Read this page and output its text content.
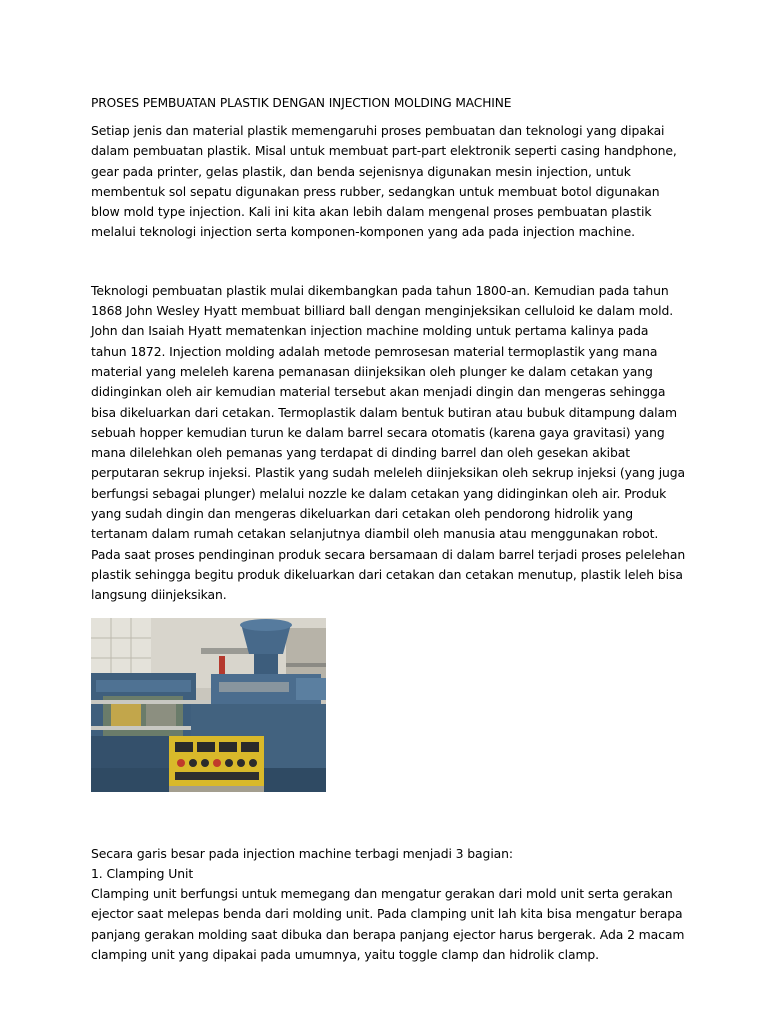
PROSES PEMBUATAN PLASTIK DENGAN INJECTION MOLDING MACHINE

Setiap jenis dan material plastik memengaruhi proses pembuatan dan teknologi yang dipakai dalam pembuatan plastik. Misal untuk membuat part-part elektronik seperti casing handphone, gear pada printer, gelas plastik, dan benda sejenisnya digunakan mesin injection, untuk membentuk sol sepatu digunakan press rubber, sedangkan untuk membuat botol digunakan blow mold type injection. Kali ini kita akan lebih dalam mengenal proses pembuatan plastik melalui teknologi injection serta komponen-komponen yang ada pada injection machine.

Teknologi pembuatan plastik mulai dikembangkan pada tahun 1800-an. Kemudian pada tahun 1868 John Wesley Hyatt membuat billiard ball dengan menginjeksikan celluloid ke dalam mold. John dan Isaiah Hyatt mematenkan injection machine molding untuk pertama kalinya pada tahun 1872. Injection molding adalah metode pemrosesan material termoplastik yang mana material yang meleleh karena pemanasan diinjeksikan oleh plunger ke dalam cetakan yang didinginkan oleh air kemudian material tersebut akan menjadi dingin dan mengeras sehingga bisa dikeluarkan dari cetakan. Termoplastik dalam bentuk butiran atau bubuk ditampung dalam sebuah hopper kemudian turun ke dalam barrel secara otomatis (karena gaya gravitasi) yang mana dilelehkan oleh pemanas yang terdapat di dinding barrel dan oleh gesekan akibat perputaran sekrup injeksi. Plastik yang sudah meleleh diinjeksikan oleh sekrup injeksi (yang juga berfungsi sebagai plunger) melalui nozzle ke dalam cetakan yang didinginkan oleh air. Produk yang sudah dingin dan mengeras dikeluarkan dari cetakan oleh pendorong hidrolik yang tertanam dalam rumah cetakan selanjutnya diambil oleh manusia atau menggunakan robot. Pada saat proses pendinginan produk secara bersamaan di dalam barrel terjadi proses pelelehan plastik sehingga begitu produk dikeluarkan dari cetakan dan cetakan menutup, plastik leleh bisa langsung diinjeksikan.

Secara garis besar pada injection machine terbagi menjadi 3 bagian:

1. Clamping Unit

Clamping unit berfungsi untuk memegang dan mengatur gerakan dari mold unit serta gerakan ejector saat melepas benda dari molding unit. Pada clamping unit lah kita bisa mengatur berapa panjang gerakan molding saat dibuka dan berapa panjang ejector harus bergerak. Ada 2 macam clamping unit yang dipakai pada umumnya, yaitu toggle clamp dan hidrolik clamp.
